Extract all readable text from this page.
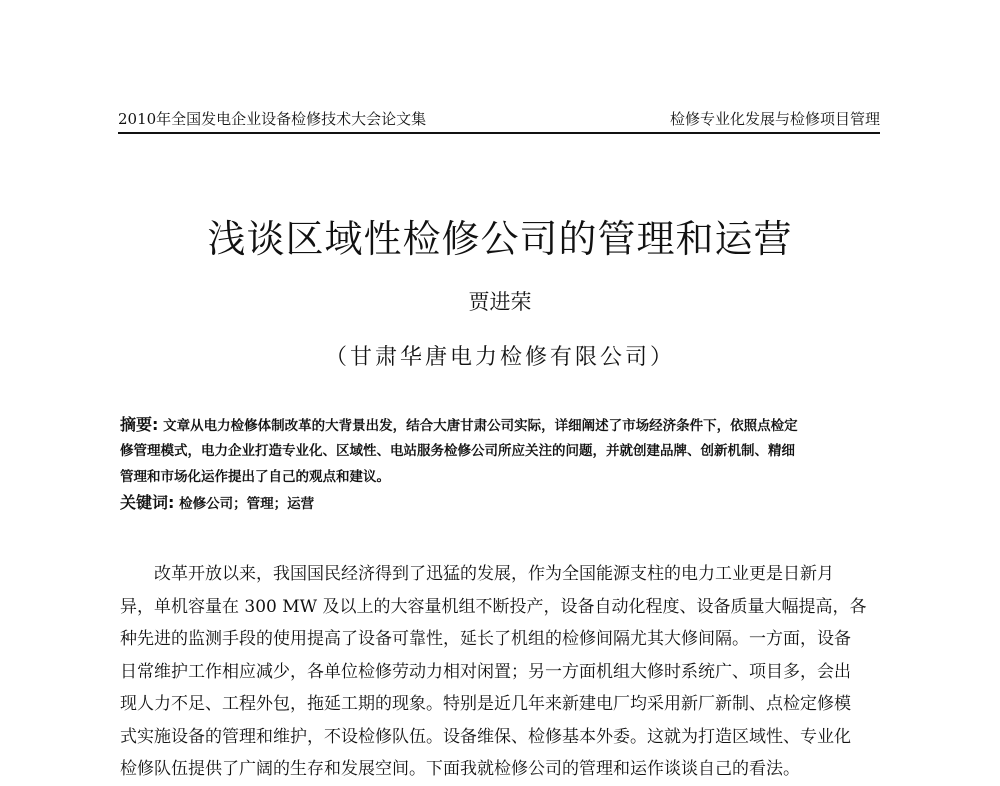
2010年全国发电企业设备检修技术大会论文集	检修专业化发展与检修项目管理
浅谈区域性检修公司的管理和运营
贾进荣
（甘肃华唐电力检修有限公司）
摘要: 文章从电力检修体制改革的大背景出发，结合大唐甘肃公司实际，详细阐述了市场经济条件下，依照点检定
修管理模式，电力企业打造专业化、区域性、电站服务检修公司所应关注的问题，并就创建品牌、创新机制、精细
管理和市场化运作提出了自己的观点和建议。
关键词: 检修公司；管理；运营
改革开放以来，我国国民经济得到了迅猛的发展，作为全国能源支柱的电力工业更是日新月
异，单机容量在 300 MW 及以上的大容量机组不断投产，设备自动化程度、设备质量大幅提高，各
种先进的监测手段的使用提高了设备可靠性，延长了机组的检修间隔尤其大修间隔。一方面，设备
日常维护工作相应减少，各单位检修劳动力相对闲置；另一方面机组大修时系统广、项目多，会出
现人力不足、工程外包，拖延工期的现象。特别是近几年来新建电厂均采用新厂新制、点检定修模
式实施设备的管理和维护，不设检修队伍。设备维保、检修基本外委。这就为打造区域性、专业化
检修队伍提供了广阔的生存和发展空间。下面我就检修公司的管理和运作谈谈自己的看法。
